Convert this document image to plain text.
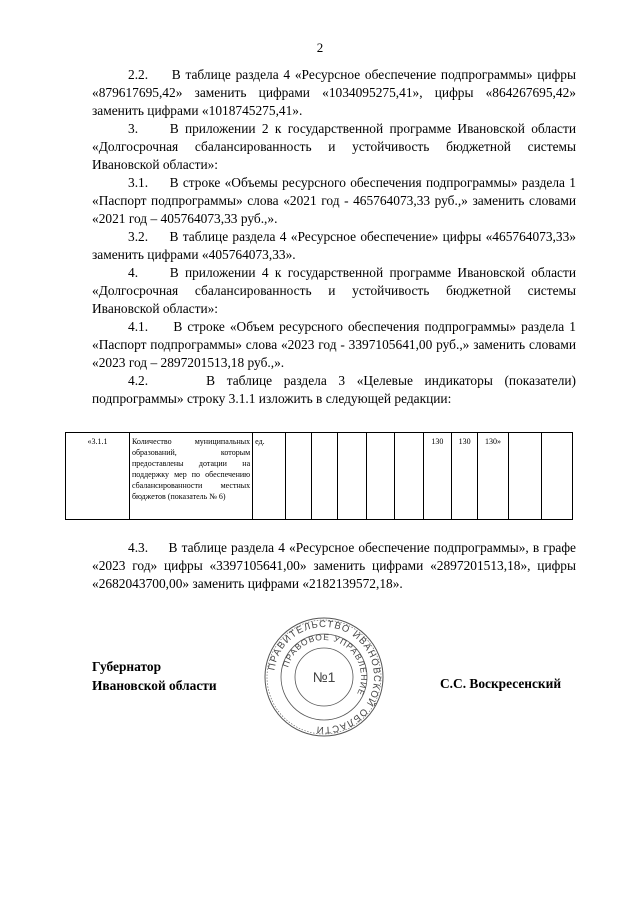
2

2.2.     В таблице раздела 4 «Ресурсное обеспечение подпрограммы» цифры «879617695,42» заменить цифрами «1034095275,41», цифры «864267695,42» заменить цифрами «1018745275,41».

3.     В приложении 2 к государственной программе Ивановской области «Долгосрочная сбалансированность и устойчивость бюджетной системы Ивановской области»:

3.1.     В строке «Объемы ресурсного обеспечения подпрограммы» раздела 1 «Паспорт подпрограммы» слова «2021 год - 465764073,33 руб.,» заменить словами «2021 год – 405764073,33 руб.,».

3.2.     В таблице раздела 4 «Ресурсное обеспечение» цифры «465764073,33» заменить цифрами «405764073,33».

4.     В приложении 4 к государственной программе Ивановской области «Долгосрочная сбалансированность и устойчивость бюджетной системы Ивановской области»:

4.1.     В строке «Объем ресурсного обеспечения подпрограммы» раздела 1 «Паспорт подпрограммы» слова «2023 год - 3397105641,00 руб.,» заменить словами «2023 год – 2897201513,18 руб.,».

4.2.     В таблице раздела 3 «Целевые индикаторы (показатели) подпрограммы» строку 3.1.1 изложить в следующей редакции:

«3.1.1	Количество муниципальных образований, которым предоставлены дотации на поддержку мер по обеспечению сбалансированности местных бюджетов (показатель № 6)	ед.						130	130	130»		

4.3.     В таблице раздела 4 «Ресурсное обеспечение подпрограммы», в графе «2023 год» цифры «3397105641,00» заменить цифрами «2897201513,18», цифры «2682043700,00» заменить цифрами «2182139572,18».

Губернатор
Ивановской области
ПРАВИТЕЛЬСТВО ИВАНОВСКОЙ ОБЛАСТИ
ПРАВОВОЕ УПРАВЛЕНИЕ
№1	С.С. Воскресенский
